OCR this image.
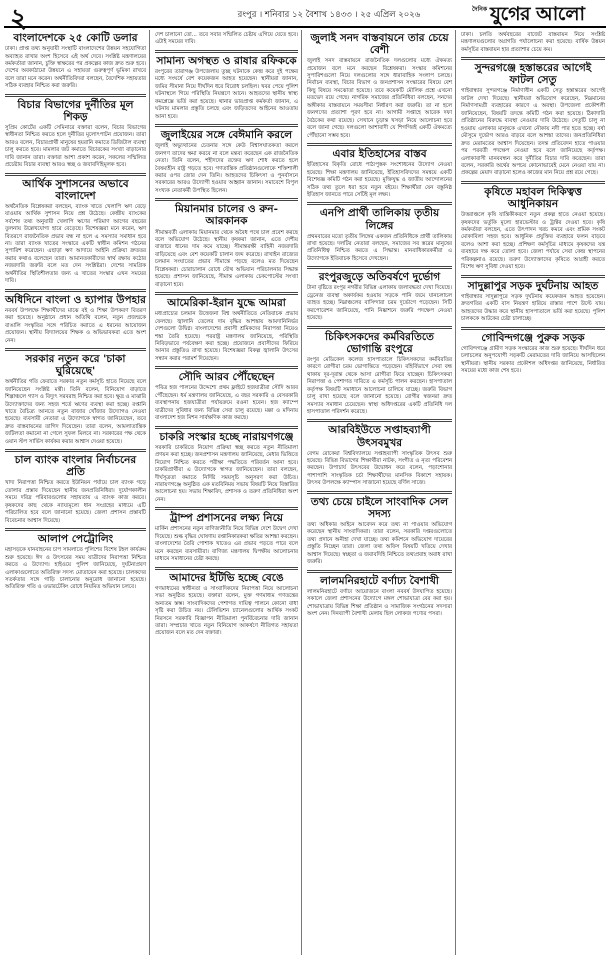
২	রংপুর । শনিবার ১২ বৈশাখ ১৪৩৩ । ২৫ এপ্রিল ২০২৬
দৈনিক যুগের আলো
বাংলাদেশকে ২৫ কোটি ডলার

ঢাকা। প্রাপ্ত তথ্য অনুযায়ী সংস্থাটি বাংলাদেশের উন্নয়ন সহযোগিতা অব্যাহত রাখার অংশ হিসেবে এই অর্থ দেবে। সংশ্লিষ্ট মন্ত্রণালয়ের কর্মকর্তারা জানান, চুক্তি স্বাক্ষরের পর প্রকল্পের কাজ দ্রুত শুরু হবে। দেশের অবকাঠামো উন্নয়নে এ সহায়তা গুরুত্বপূর্ণ ভূমিকা রাখবে বলে তারা মনে করেন। অর্থনীতিবিদরা বলছেন, বৈদেশিক সহায়তার সঠিক ব্যবহার নিশ্চিত করা জরুরি।

বিচার বিভাগের দুর্নীতির মূল শিকড়

সুপ্রিম কোর্টের একটি সেমিনারে বক্তারা বলেন, বিচার বিভাগের স্বাধীনতা নিশ্চিত করতে হলে দুর্নীতির মূলোৎপাটন প্রয়োজন। তারা আরও বলেন, বিচারপ্রার্থী মানুষের হয়রানি কমাতে ডিজিটাল ব্যবস্থা চালু করতে হবে। মামলার জট কমাতে বিচারকের সংখ্যা বাড়ানোর দাবি জানান তারা। বক্তারা আশা প্রকাশ করেন, সকলের সম্মিলিত প্রচেষ্টায় বিচার ব্যবস্থা আরও স্বচ্ছ ও জবাবদিহিমূলক হবে।

আর্থিক সুশাসনের অভাবে বাংলাদেশ

অর্থনৈতিক বিশ্লেষকরা বলছেন, ব্যাংক খাতে খেলাপি ঋণ বেড়ে যাওয়ায় আর্থিক সুশাসন নিয়ে প্রশ্ন উঠেছে। কেন্দ্রীয় ব্যাংকের সর্বশেষ তথ্য অনুযায়ী খেলাপি ঋণের পরিমাণ আগের বছরের তুলনায় উল্লেখযোগ্য হারে বেড়েছে। বিশেষজ্ঞরা মনে করেন, ঋণ বিতরণে রাজনৈতিক প্রভাব বন্ধ না হলে এ সমস্যার সমাধান হবে না। তারা ব্যাংক খাতের সংস্কারে একটি স্বাধীন কমিশন গঠনের সুপারিশ করেছেন। এছাড়া ঋণ আদায়ে আইনি প্রক্রিয়া দ্রুততর করার কথাও বলেছেন তারা। আমানতকারীদের স্বার্থ রক্ষায় কঠোর নজরদারি জরুরি বলে মত দেন সংশ্লিষ্টরা। দেশের সামগ্রিক অর্থনীতির স্থিতিশীলতার জন্য এ খাতের সংস্কার এখন সময়ের দাবি।

অধিদিনে বাংলা ও হ্যাপার উপহার

নববর্ষ উপলক্ষে শিক্ষার্থীদের মাঝে বই ও শিক্ষা উপকরণ বিতরণ করা হয়েছে। অনুষ্ঠানে প্রধান অতিথি বলেন, নতুন প্রজন্মকে বাঙালি সংস্কৃতির সঙ্গে পরিচিত করাতে এ ধরনের আয়োজন প্রয়োজন। স্থানীয় বিদ্যালয়ের শিক্ষক ও অভিভাবকরা এতে অংশ নেন।

সরকার নতুন করে 'চাকা ঘুরিয়েছে'

অর্থনীতির গতি ফেরাতে সরকার নতুন কর্মসূচি হাতে নিয়েছে বলে জানিয়েছেন সংশ্লিষ্ট মন্ত্রী। তিনি বলেন, বিনিয়োগ বাড়াতে শিল্পাঞ্চলে গ্যাস ও বিদ্যুৎ সরবরাহ নিশ্চিত করা হবে। ক্ষুদ্র ও মাঝারি উদ্যোক্তাদের জন্য সহজ শর্তে ঋণের ব্যবস্থা করা হচ্ছে। রপ্তানি খাতে বৈচিত্র্য আনতে নতুন বাজার খোঁজার উদ্যোগও নেওয়া হয়েছে। ব্যবসায়ী নেতারা এ উদ্যোগকে স্বাগত জানিয়েছেন, তবে দ্রুত বাস্তবায়নের তাগিদ দিয়েছেন। তারা বলেন, আমলাতান্ত্রিক জটিলতা কমানো না গেলে সুফল মিলবে না। সরকারের পক্ষ থেকে ওয়ান স্টপ সার্ভিস কার্যকর করার আশ্বাস দেওয়া হয়েছে।

চাল ব্যাংক বাংলার নির্বাচনের প্রতি

খাদ্য নিরাপত্তা নিশ্চিত করতে ইউনিয়ন পর্যায়ে চাল ব্যাংক গড়ে তোলার প্রস্তাব দিয়েছেন স্থানীয় জনপ্রতিনিধিরা। দুর্যোগকালীন সময়ে দরিদ্র পরিবারগুলোর সহায়তায় এ ব্যাংক কাজ করবে। কৃষকদের কাছ থেকে ন্যায্যমূল্যে ধান সংগ্রহের মাধ্যমে এটি পরিচালিত হবে বলে জানানো হয়েছে। জেলা প্রশাসন প্রস্তাবটি বিবেচনার আশ্বাস দিয়েছে।

আলাপ পেট্রোলিং

মহাসড়কে যানবাহনের চাপ সামলাতে পুলিশের বিশেষ টহল কার্যক্রম শুরু হয়েছে। ঈদ ও উৎসবের সময় যাত্রীদের নিরাপত্তা নিশ্চিত করতে এ উদ্যোগ। হাইওয়ে পুলিশ জানিয়েছে, দুর্ঘটনাপ্রবণ এলাকাগুলোতে অতিরিক্ত সদস্য মোতায়েন করা হয়েছে। চালকদের সতর্কতার সঙ্গে গাড়ি চালানোর অনুরোধ জানানো হয়েছে। অতিরিক্ত গতি ও ওভারটেকিং রোধে নিয়মিত অভিযান চলবে।

দেশ চালানো তো... তবে সবার সম্মিলিত চেষ্টায় এগিয়ে যেতে হবে। এটাই সময়ের দাবি।

সামান্য অগস্থত ও রাষার রফিককে

রংপুরের তারাগঞ্জ উপজেলায় তুচ্ছ ঘটনাকে কেন্দ্র করে দুই পক্ষের মধ্যে সংঘর্ষে বেশ কয়েকজন আহত হয়েছেন। স্থানীয়রা জানান, জমির সীমানা নিয়ে দীর্ঘদিন ধরে বিরোধ চলছিল। খবর পেয়ে পুলিশ ঘটনাস্থলে গিয়ে পরিস্থিতি নিয়ন্ত্রণে আনে। আহতদের স্থানীয় স্বাস্থ্য কমপ্লেক্সে ভর্তি করা হয়েছে। থানার ভারপ্রাপ্ত কর্মকর্তা জানান, এ ঘটনায় মামলার প্রস্তুতি চলছে এবং জড়িতদের আইনের আওতায় আনা হবে।

জুলাইয়ের সঙ্গে বেঈমানি করলে

জুলাই অভ্যুত্থানের চেতনার সঙ্গে কেউ বিশ্বাসঘাতকতা করলে জনগণ তাদের ক্ষমা করবে না বলে মন্তব্য করেছেন এক রাজনৈতিক নেতা। তিনি বলেন, শহীদদের রক্তের ঋণ শোধ করতে হলে বৈষম্যহীন রাষ্ট্র গড়তে হবে। গণতান্ত্রিক প্রতিষ্ঠানগুলোকে শক্তিশালী করার ওপর জোর দেন তিনি। আহতদের চিকিৎসা ও পুনর্বাসনে সরকারের আরও উদ্যোগী হওয়ার আহ্বান জানান। সমাবেশে বিপুল সংখ্যক নেতাকর্মী উপস্থিত ছিলেন।

মিয়ানমার চালের ও রুন-আরকানক

সীমান্তবর্তী এলাকায় মিয়ানমার থেকে অবৈধ পথে চাল প্রবেশ করছে বলে অভিযোগ উঠেছে। স্থানীয় কৃষকরা জানান, এতে দেশীয় বাজারে ধানের দাম কমে যাচ্ছে। সীমান্তরক্ষী বাহিনী নজরদারি বাড়িয়েছে এবং বেশ কয়েকটি চালান জব্দ করেছে। রাখাইন রাজ্যের চলমান সংঘাতের প্রভাব সীমান্তে পড়ছে বলেও মত দিয়েছেন বিশ্লেষকরা। চোরাচালান রোধে যৌথ অভিযান পরিচালনার সিদ্ধান্ত হয়েছে। প্রশাসন জানিয়েছে, সীমান্ত এলাকায় চেকপোস্টের সংখ্যা বাড়ানো হবে।

আমেরিকা-ইরান যুদ্ধে আমরা

মধ্যপ্রাচ্যের চলমান উত্তেজনা বিশ্ব অর্থনীতিতে নেতিবাচক প্রভাব ফেলছে। জ্বালানি তেলের দাম বৃদ্ধির আশঙ্কায় আমদানিনির্ভর দেশগুলো উদ্বিগ্ন। বাংলাদেশের প্রবাসী শ্রমিকদের নিরাপত্তা নিয়েও শঙ্কা তৈরি হয়েছে। পররাষ্ট্র মন্ত্রণালয় জানিয়েছে, পরিস্থিতি নিবিড়ভাবে পর্যবেক্ষণ করা হচ্ছে। প্রয়োজনে প্রবাসীদের ফিরিয়ে আনার প্রস্তুতিও রাখা হয়েছে। বিশেষজ্ঞরা বিকল্প জ্বালানি উৎসের সন্ধান করার পরামর্শ দিয়েছেন।

সৌদি আরব পৌঁছেছেন

পবিত্র হজ পালনের উদ্দেশ্যে প্রথম ফ্লাইটে হজযাত্রীরা সৌদি আরব পৌঁছেছেন। ধর্ম মন্ত্রণালয় জানিয়েছে, এ বছর সরকারি ও বেসরকারি ব্যবস্থাপনায় হজযাত্রীরা পর্যায়ক্রমে রওনা হবেন। হজ ক্যাম্পে যাত্রীদের সুবিধার জন্য বিভিন্ন সেবা চালু রয়েছে। মক্কা ও মদিনায় বাংলাদেশ হজ মিশন সার্বক্ষণিক কাজ করছে।

চাকরি সংস্কার হচ্ছে নারায়ণগঞ্জে

সরকারি চাকরিতে নিয়োগ প্রক্রিয়া স্বচ্ছ করতে নতুন নীতিমালা প্রণয়ন করা হচ্ছে। জনপ্রশাসন মন্ত্রণালয় জানিয়েছে, মেধার ভিত্তিতে নিয়োগ নিশ্চিত করতে পরীক্ষা পদ্ধতিতে পরিবর্তন আনা হবে। চাকরিপ্রার্থীরা এ উদ্যোগকে স্বাগত জানিয়েছেন। তারা বলছেন, দীর্ঘসূত্রতা কমাতে নির্দিষ্ট সময়সূচি অনুসরণ করা উচিত। নারায়ণগঞ্জে অনুষ্ঠিত এক মতবিনিময় সভায় বিষয়টি নিয়ে বিস্তারিত আলোচনা হয়। সভায় শিক্ষাবিদ, প্রশাসক ও তরুণ প্রতিনিধিরা অংশ নেন।

ট্রাম্প প্রশাসনের লক্ষ্য নিয়ে

মার্কিন প্রশাসনের নতুন বাণিজ্যনীতি নিয়ে বিভিন্ন দেশে উদ্বেগ দেখা দিয়েছে। শুল্ক বৃদ্ধির ঘোষণায় রপ্তানিকারকরা ক্ষতির আশঙ্কা করছেন। বাংলাদেশের তৈরি পোশাক খাতেও এর প্রভাব পড়তে পারে বলে মনে করছেন ব্যবসায়ীরা। বাণিজ্য মন্ত্রণালয় দ্বিপক্ষীয় আলোচনার মাধ্যমে সমাধানের চেষ্টা করছে।

আমাদের ইটিভি হচ্ছে বেঙে

গণমাধ্যমের স্বাধীনতা ও সাংবাদিকদের নিরাপত্তা নিয়ে আলোচনা সভা অনুষ্ঠিত হয়েছে। বক্তারা বলেন, মুক্ত গণমাধ্যম গণতন্ত্রের অন্যতম স্তম্ভ। সাংবাদিকদের পেশাগত দায়িত্ব পালনে কোনো বাধা সৃষ্টি করা উচিত নয়। টেলিভিশন চ্যানেলগুলোর আর্থিক সংকট নিরসনে সরকারি বিজ্ঞাপন নীতিমালা পুনর্বিবেচনার দাবি জানান তারা। সম্প্রচার খাতে নতুন বিনিয়োগ আকর্ষণে নীতিগত সহায়তা প্রয়োজন বলে মত দেন বক্তারা।

জুলাই সনদ বাস্তবায়নে তার চেয়ে বেশী

জুলাই সনদ বাস্তবায়নে রাজনৈতিক দলগুলোর মধ্যে ঐকমত্য প্রয়োজন বলে মনে করছেন বিশ্লেষকরা। সংস্কার কমিশনের সুপারিশগুলো নিয়ে দলগুলোর সঙ্গে ধারাবাহিক সংলাপ চলছে। নির্বাচন ব্যবস্থা, বিচার বিভাগ ও জনপ্রশাসন সংস্কারের বিষয়ে বেশ কিছু বিষয়ে সমঝোতা হয়েছে। তবে কয়েকটি মৌলিক প্রশ্নে এখনো মতভেদ রয়ে গেছে। নাগরিক সমাজের প্রতিনিধিরা বলছেন, সনদের অঙ্গীকার বাস্তবায়নে সময়সীমা নির্ধারণ করা জরুরি। তা না হলে জনগণের প্রত্যাশা পূরণ হবে না। আগামী সপ্তাহে আরেক দফা বৈঠকের কথা রয়েছে। সেখানে চূড়ান্ত খসড়া নিয়ে আলোচনা হবে বলে জানা গেছে। দলগুলো আশাবাদী যে শিগগিরই একটি ঐকমত্যে পৌঁছানো সম্ভব হবে।

এবার ইতিহাসের বাস্তব

ইতিহাসের বিকৃতি রোধে পাঠ্যপুস্তক সংশোধনের উদ্যোগ নেওয়া হয়েছে। শিক্ষা মন্ত্রণালয় জানিয়েছে, ইতিহাসবিদদের সমন্বয়ে একটি বিশেষজ্ঞ কমিটি গঠন করা হয়েছে। মুক্তিযুদ্ধ ও জাতীয় আন্দোলনের সঠিক তথ্য তুলে ধরা হবে নতুন বইয়ে। শিক্ষার্থীরা যেন বস্তুনিষ্ঠ ইতিহাস জানতে পারে সেটিই মূল লক্ষ্য।

এনপি প্রার্থী তালিকায় তৃতীয় লিঙ্গের

প্রথমবারের মতো তৃতীয় লিঙ্গের একজন প্রতিনিধিকে প্রার্থী তালিকায় রাখা হয়েছে। দলটির নেতারা বলছেন, সমাজের সব স্তরের মানুষের প্রতিনিধিত্ব নিশ্চিত করতে এ সিদ্ধান্ত। মানবাধিকারকর্মীরা এ উদ্যোগকে ইতিবাচক হিসেবে দেখছেন।

রংপুরজুড়ে অতিবর্ষণে দুর্ভোগ

টানা বৃষ্টিতে রংপুর নগরীর বিভিন্ন এলাকায় জলাবদ্ধতা দেখা দিয়েছে। ড্রেনেজ ব্যবস্থা অকার্যকর হওয়ায় সড়কে পানি জমে যানচলাচল ব্যাহত হচ্ছে। নিম্নাঞ্চলের বাসিন্দারা চরম দুর্ভোগে পড়েছেন। সিটি করপোরেশন জানিয়েছে, পানি নিষ্কাশনে জরুরি পদক্ষেপ নেওয়া হয়েছে।

চিকিৎসকদের কর্মবিরতিতে ভোগান্তি রংপুরে

রংপুর মেডিকেল কলেজ হাসপাতালে চিকিৎসকদের কর্মবিরতির কারণে রোগীরা চরম ভোগান্তিতে পড়েছেন। বহির্বিভাগে সেবা বন্ধ থাকায় দূর-দূরান্ত থেকে আসা রোগীরা ফিরে যাচ্ছেন। চিকিৎসকরা নিরাপত্তা ও পেশাগত দাবিতে এ কর্মসূচি পালন করছেন। হাসপাতাল কর্তৃপক্ষ বিষয়টি সমাধানে আলোচনা চালিয়ে যাচ্ছে। জরুরি বিভাগ চালু রাখা হয়েছে বলে জানানো হয়েছে। রোগীর স্বজনরা দ্রুত সমস্যার সমাধান চেয়েছেন। স্বাস্থ্য অধিদপ্তরের একটি প্রতিনিধি দল হাসপাতাল পরিদর্শন করেছে।

আরবিইউতে সপ্তাহব্যাপী উৎসবমুখর

বেগম রোকেয়া বিশ্ববিদ্যালয়ে সপ্তাহব্যাপী সাংস্কৃতিক উৎসব শুরু হয়েছে। বিভিন্ন বিভাগের শিক্ষার্থীরা নাটক, সংগীত ও নৃত্য পরিবেশন করছেন। উপাচার্য উৎসবের উদ্বোধন করে বলেন, পড়াশোনার পাশাপাশি সাংস্কৃতিক চর্চা শিক্ষার্থীদের মানসিক বিকাশে সহায়ক। উৎসব উপলক্ষে ক্যাম্পাস সাজানো হয়েছে বর্ণিল সাজে।

তথ্য চেয়ে চাইলে সাংবাদিক সেল সদস্য

তথ্য অধিকার আইনে আবেদন করে তথ্য না পাওয়ার অভিযোগ করেছেন স্থানীয় সাংবাদিকরা। তারা বলেন, সরকারি দপ্তরগুলোতে তথ্য প্রদানে অনীহা দেখা যাচ্ছে। তথ্য কমিশনে অভিযোগ দায়েরের প্রস্তুতি নিচ্ছেন তারা। জেলা তথ্য অফিস বিষয়টি খতিয়ে দেখার আশ্বাস দিয়েছে। স্বচ্ছতা ও জবাবদিহি নিশ্চিতে তথ্যপ্রবাহ অবাধ রাখা জরুরি।

লালমনিরহাটে বর্ণাঢ্য বৈশাখী

লালমনিরহাটে বর্ণাঢ্য আয়োজনে বাংলা নববর্ষ উদযাপিত হয়েছে। সকালে জেলা প্রশাসনের উদ্যোগে মঙ্গল শোভাযাত্রা বের করা হয়। শোভাযাত্রায় বিভিন্ন শিক্ষা প্রতিষ্ঠান ও সামাজিক সংগঠনের সদস্যরা অংশ নেন। দিনব্যাপী বৈশাখী মেলায় ছিল লোকজ পণ্যের পসরা।

ঢাকা। চলতি অর্থবছরের বাজেট বাস্তবায়ন নিয়ে সংশ্লিষ্ট মন্ত্রণালয়গুলোর অগ্রগতি পর্যালোচনা করা হয়েছে। বার্ষিক উন্নয়ন কর্মসূচির বাস্তবায়ন হার প্রত্যাশার চেয়ে কম।

সুন্দরগঞ্জে হস্তান্তরের আগেই ফাটল সেতু

গাইবান্ধার সুন্দরগঞ্জে নির্মাণাধীন একটি সেতু হস্তান্তরের আগেই ফাটল দেখা দিয়েছে। স্থানীয়রা অভিযোগ করেছেন, নিম্নমানের নির্মাণসামগ্রী ব্যবহারের কারণে এ অবস্থা। উপজেলা প্রকৌশলী জানিয়েছেন, বিষয়টি তদন্তে কমিটি গঠন করা হয়েছে। ঠিকাদারি প্রতিষ্ঠানের বিরুদ্ধে ব্যবস্থা নেওয়ার দাবি উঠেছে। সেতুটি চালু না হওয়ায় এলাকার মানুষকে এখনো নৌকায় নদী পার হতে হচ্ছে। বর্ষা মৌসুমে দুর্ভোগ আরও বাড়বে বলে আশঙ্কা তাদের। জনপ্রতিনিধিরা দ্রুত মেরামতের আশ্বাস দিয়েছেন। তদন্ত প্রতিবেদন হাতে পাওয়ার পর পরবর্তী পদক্ষেপ নেওয়া হবে বলে জানিয়েছে কর্তৃপক্ষ। এলাকাবাসী মানববন্ধন করে দুর্নীতির বিচার দাবি করেছেন। তারা বলেন, সরকারি অর্থের অপচয় কোনোভাবেই মেনে নেওয়া যায় না। প্রকল্পের মেয়াদ বাড়ানো হলেও কাজের মান নিয়ে প্রশ্ন রয়ে গেছে।

কৃষিতে মহাবল দিকিত্বত্ত আধুনিকায়ন

উত্তরাঞ্চলে কৃষি যান্ত্রিকীকরণে নতুন প্রকল্প হাতে নেওয়া হয়েছে। কৃষকদের ভর্তুকি মূল্যে হারভেস্টার ও ট্রাক্টর দেওয়া হবে। কৃষি কর্মকর্তারা বলছেন, এতে উৎপাদন খরচ কমবে এবং শ্রমিক সংকট মোকাবিলা সহজ হবে। আধুনিক প্রযুক্তির ব্যবহারে ফলন বাড়বে বলেও আশা করা হচ্ছে। প্রশিক্ষণ কর্মসূচির মাধ্যমে কৃষকদের যন্ত্র ব্যবহারে দক্ষ করে তোলা হবে। জেলা পর্যায়ে সেবা কেন্দ্র স্থাপনের পরিকল্পনাও রয়েছে। তরুণ উদ্যোক্তাদের কৃষিতে আগ্রহী করতে বিশেষ ঋণ সুবিধা দেওয়া হবে।

সাদুল্লাপুর সড়ক দুর্ঘটনায় আহত

গাইবান্ধার সাদুল্লাপুরে সড়ক দুর্ঘটনায় কয়েকজন আহত হয়েছেন। দ্রুতগতির একটি বাস নিয়ন্ত্রণ হারিয়ে রাস্তার পাশে উল্টে যায়। আহতদের উদ্ধার করে স্থানীয় হাসপাতালে ভর্তি করা হয়েছে। পুলিশ চালককে আটকের চেষ্টা চালাচ্ছে।

গোবিন্দগঞ্জে পুরুক সড়ক

গোবিন্দগঞ্জে গ্রামীণ সড়ক সংস্কারের কাজ শুরু হয়েছে। দীর্ঘদিন ধরে চলাচলের অনুপযোগী সড়কটি মেরামতের দাবি জানিয়ে আসছিলেন স্থানীয়রা। স্থানীয় সরকার প্রকৌশল অধিদপ্তর জানিয়েছে, নির্ধারিত সময়ের মধ্যে কাজ শেষ হবে।
